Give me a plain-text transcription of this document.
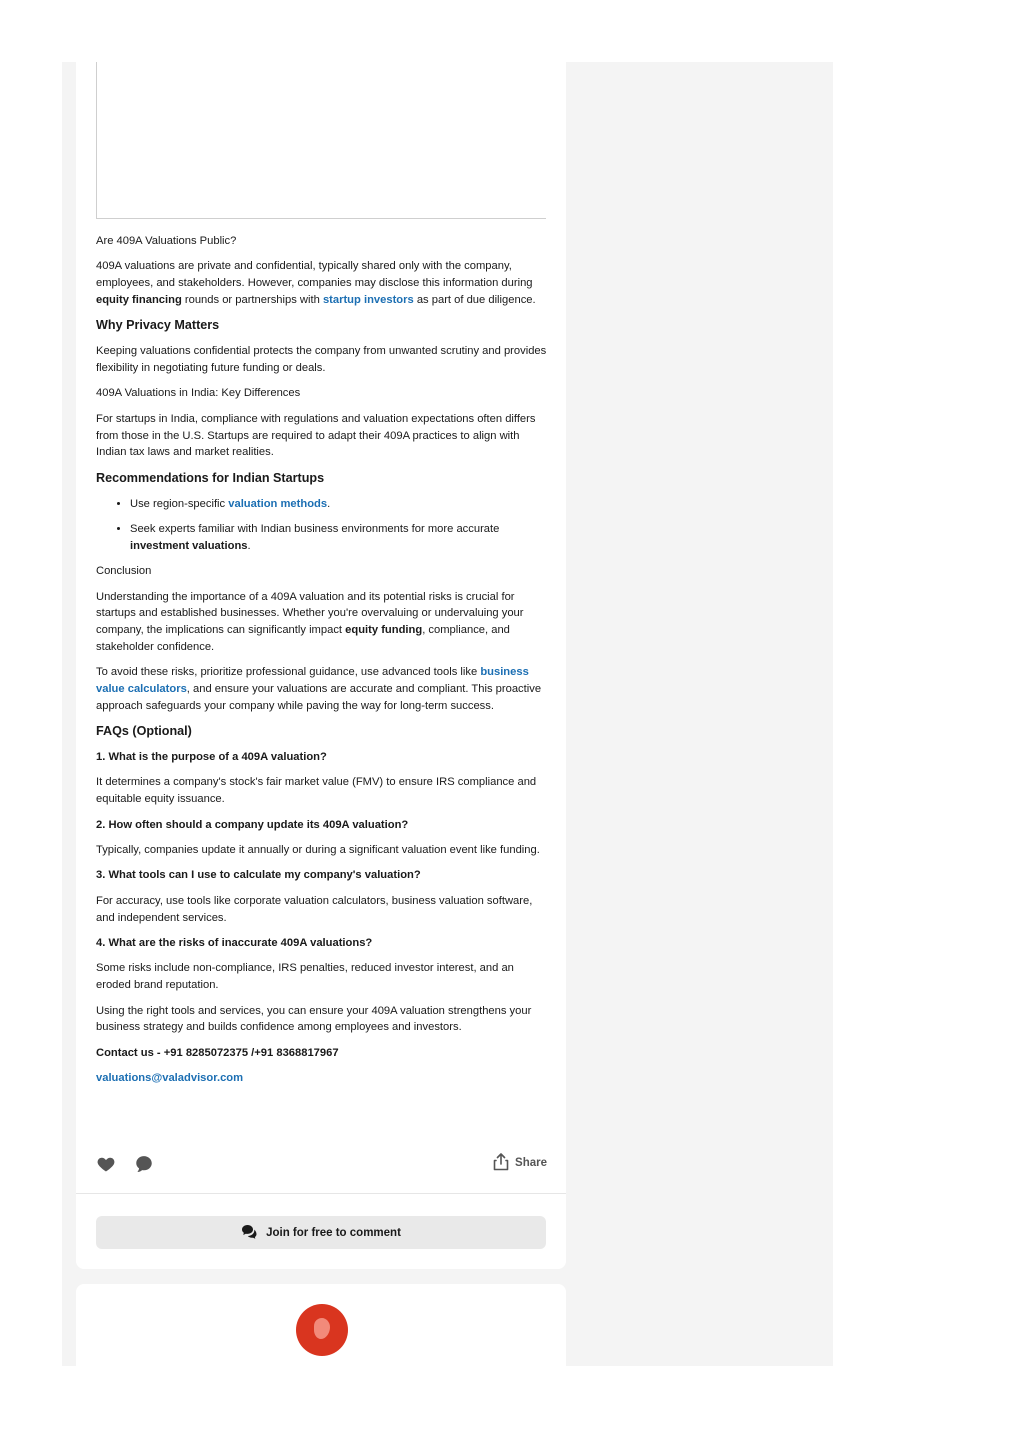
Are 409A Valuations Public?

409A valuations are private and confidential, typically shared only with the company, employees, and stakeholders. However, companies may disclose this information during equity financing rounds or partnerships with startup investors as part of due diligence.

Why Privacy Matters

Keeping valuations confidential protects the company from unwanted scrutiny and provides flexibility in negotiating future funding or deals.

409A Valuations in India: Key Differences

For startups in India, compliance with regulations and valuation expectations often differs from those in the U.S. Startups are required to adapt their 409A practices to align with Indian tax laws and market realities.

Recommendations for Indian Startups
• Use region-specific valuation methods.
• Seek experts familiar with Indian business environments for more accurate investment valuations.

Conclusion

Understanding the importance of a 409A valuation and its potential risks is crucial for startups and established businesses. Whether you're overvaluing or undervaluing your company, the implications can significantly impact equity funding, compliance, and stakeholder confidence.

To avoid these risks, prioritize professional guidance, use advanced tools like business value calculators, and ensure your valuations are accurate and compliant. This proactive approach safeguards your company while paving the way for long-term success.

FAQs (Optional)
1. What is the purpose of a 409A valuation?

It determines a company's stock's fair market value (FMV) to ensure IRS compliance and equitable equity issuance.

2. How often should a company update its 409A valuation?

Typically, companies update it annually or during a significant valuation event like funding.

3. What tools can I use to calculate my company's valuation?

For accuracy, use tools like corporate valuation calculators, business valuation software, and independent services.

4. What are the risks of inaccurate 409A valuations?

Some risks include non-compliance, IRS penalties, reduced investor interest, and an eroded brand reputation.

Using the right tools and services, you can ensure your 409A valuation strengthens your business strategy and builds confidence among employees and investors.

Contact us - +91 8285072375 /+91 8368817967

valuations@valadvisor.com

Share
Join for free to comment
